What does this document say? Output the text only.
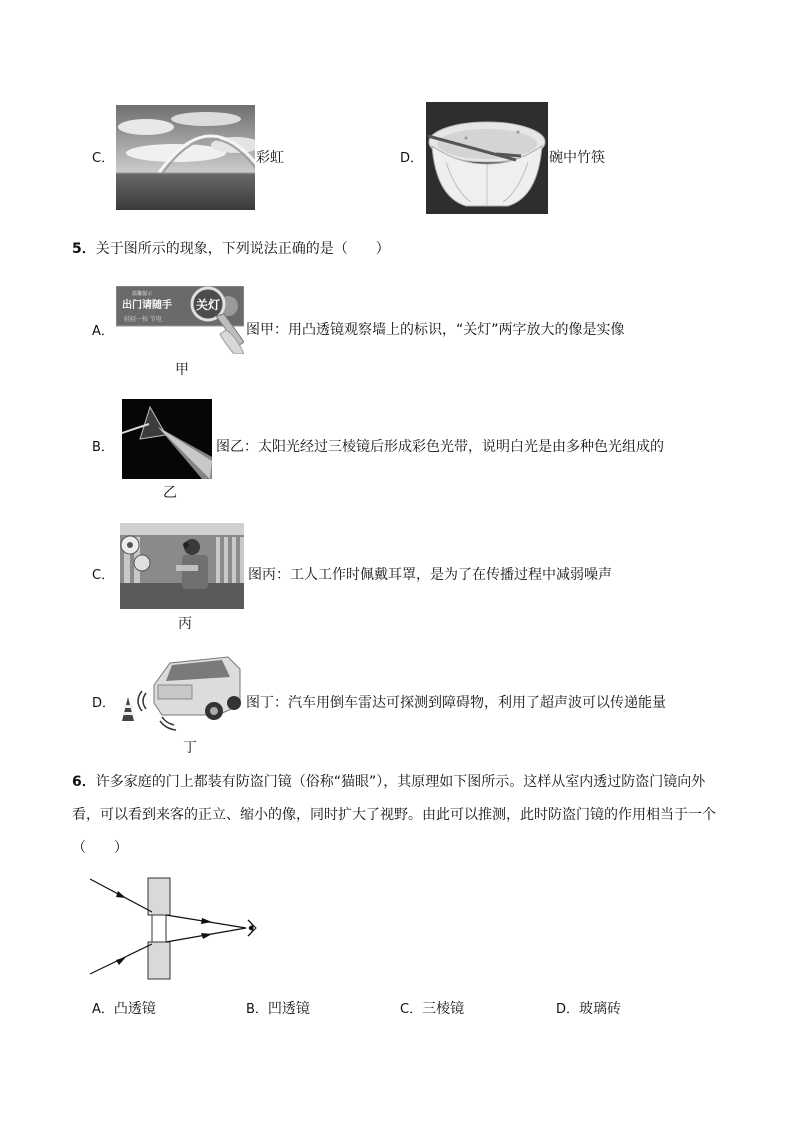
C．	彩虹	D．	碗中竹筷
5．关于图所示的现象，下列说法正确的是（　　）
A．
温馨提示
出门请随手
轻轻一按 节电
关灯
图甲：用凸透镜观察墙上的标识，“关灯”两字放大的像是实像
甲
B．	图乙：太阳光经过三棱镜后形成彩色光带，说明白光是由多种色光组成的
乙
C．	图丙：工人工作时佩戴耳罩，是为了在传播过程中减弱噪声
丙
D．	图丁：汽车用倒车雷达可探测到障碍物，利用了超声波可以传递能量
丁
6．许多家庭的门上都装有防盗门镜（俗称“猫眼”），其原理如下图所示。这样从室内透过防盗门镜向外看，可以看到来客的正立、缩小的像，同时扩大了视野。由此可以推测，此时防盗门镜的作用相当于一个（　　）
A．凸透镜	B．凹透镜	C．三棱镜	D．玻璃砖
